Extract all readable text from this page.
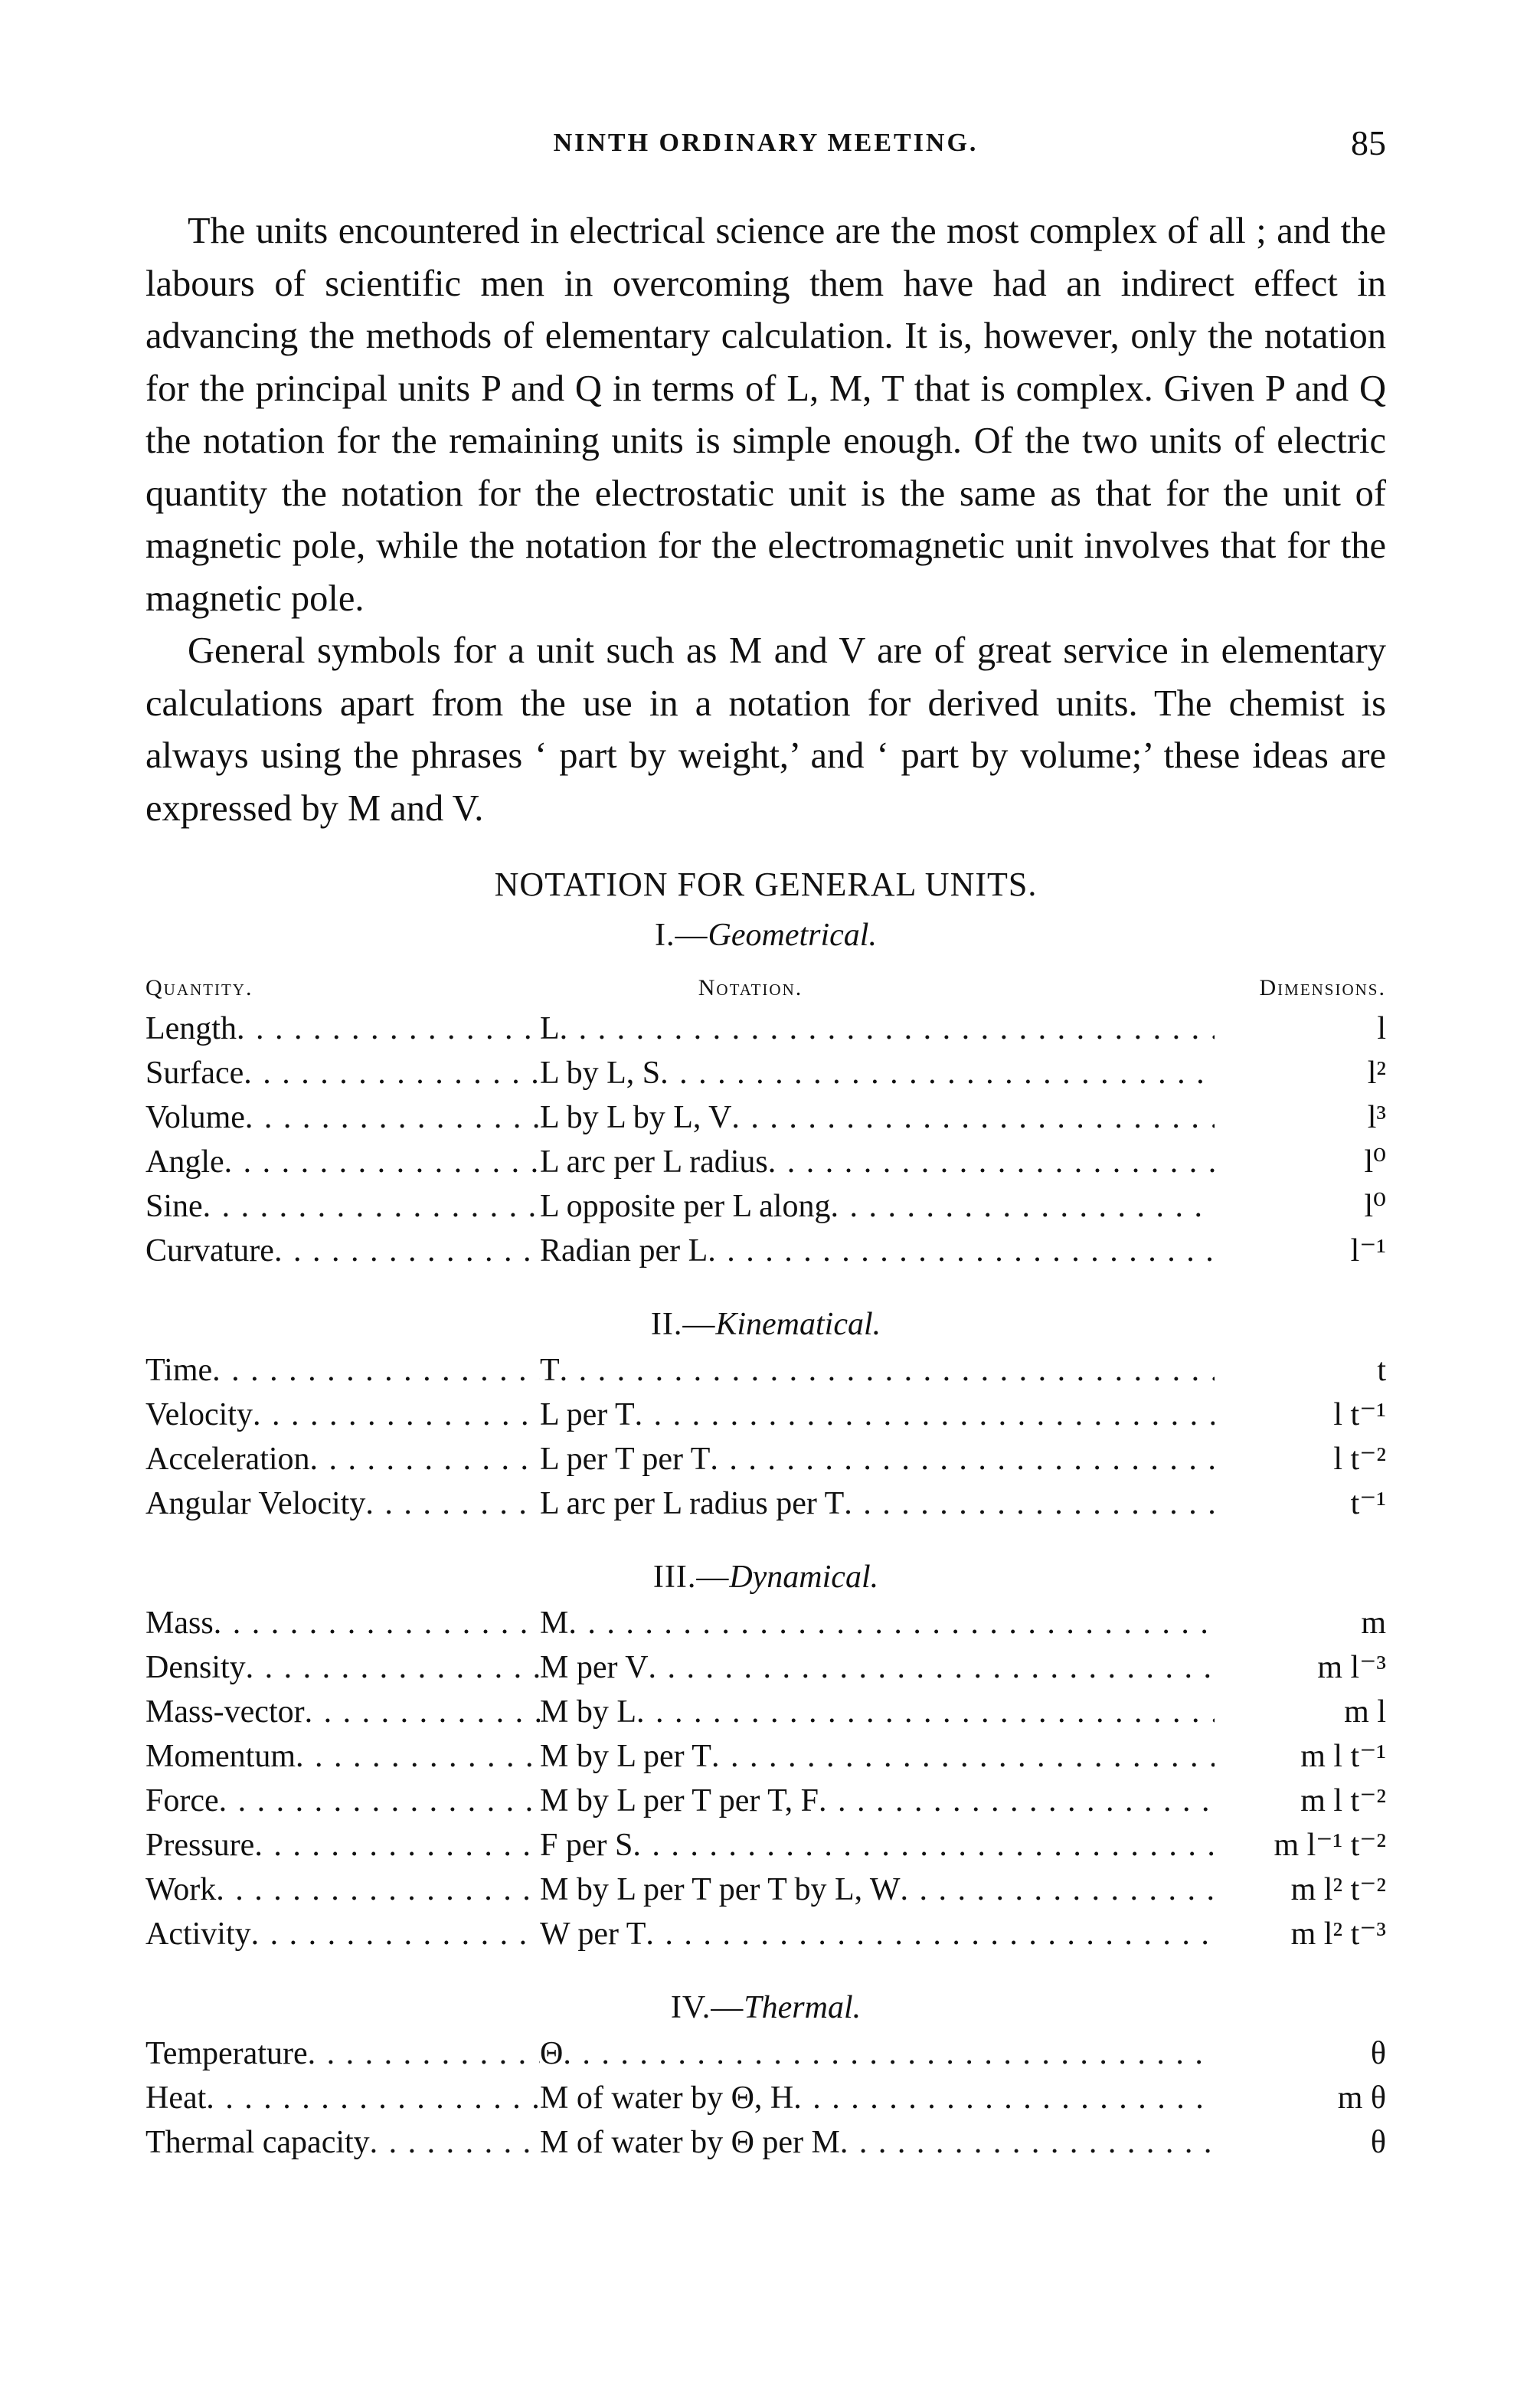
NINTH ORDINARY MEETING.	85

The units encountered in electrical science are the most complex of all ; and the labours of scientific men in overcoming them have had an indirect effect in advancing the methods of elementary calculation. It is, however, only the notation for the principal units P and Q in terms of L, M, T that is complex. Given P and Q the notation for the remaining units is simple enough. Of the two units of electric quantity the notation for the electrostatic unit is the same as that for the unit of magnetic pole, while the notation for the electromagnetic unit involves that for the magnetic pole.

General symbols for a unit such as M and V are of great service in elementary calculations apart from the use in a notation for derived units. The chemist is always using the phrases ‘ part by weight,’ and ‘ part by volume;’ these ideas are expressed by M and V.

NOTATION FOR GENERAL UNITS.
I.—Geometrical.
Quantity.	Notation.	Dimensions.
Length . . .	L . . .	l
Surface . . .	L by L, S . . .	l²
Volume . . .	L by L by L, V . . .	l³
Angle . . .	L arc per L radius . . .	l⁰
Sine . . .	L opposite per L along . . .	l⁰
Curvature . . .	Radian per L . . .	l⁻¹
II.—Kinematical.
Time . . .	T . . .	t
Velocity . . .	L per T . . .	l t⁻¹
Acceleration . . .	L per T per T . . .	l t⁻²
Angular Velocity . . .	L arc per L radius per T . . .	t⁻¹
III.—Dynamical.
Mass . . .	M . . .	m
Density . . .	M per V . . .	m l⁻³
Mass-vector . . .	M by L . . .	m l
Momentum . . .	M by L per T . . .	m l t⁻¹
Force . . .	M by L per T per T, F . . .	m l t⁻²
Pressure . . .	F per S . . .	m l⁻¹ t⁻²
Work . . .	M by L per T per T by L, W . . .	m l² t⁻²
Activity . . .	W per T . . .	m l² t⁻³
IV.—Thermal.
Temperature . . .	Θ . . .	θ
Heat . . .	M of water by Θ, H . . .	m θ
Thermal capacity . . .	M of water by Θ per M . . .	θ
